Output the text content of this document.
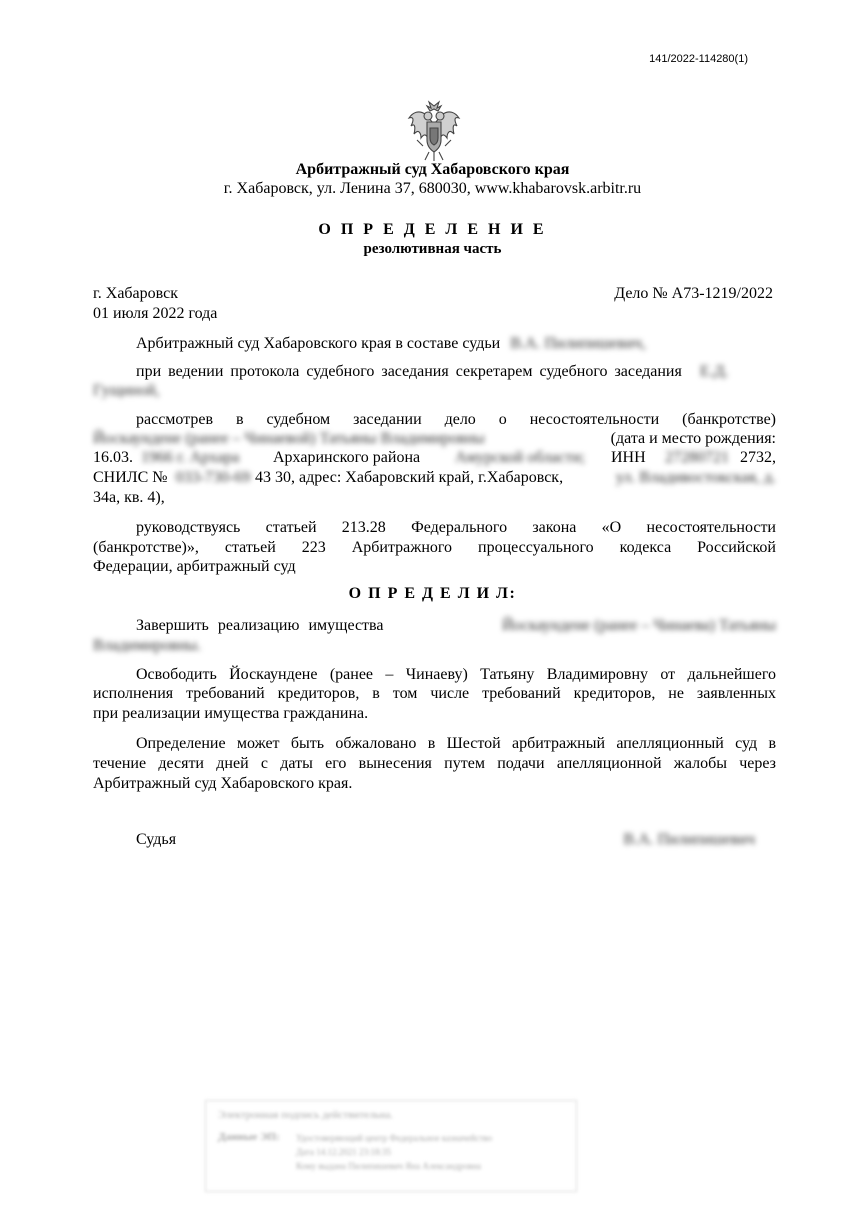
141/2022-114280(1)
Арбитражный суд Хабаровского края
г. Хабаровск, ул. Ленина 37, 680030, www.khabarovsk.arbitr.ru
О П Р Е Д Е Л Е Н И Е
резолютивная часть
г. Хабаровск	Дело № А73-1219/2022
01 июля 2022 года
Арбитражный суд Хабаровского края в составе судьи В.А. Пилипишевич,
при ведении протокола судебного заседания секретарем судебного заседания Е.Д.
Гущиной,
рассмотрев в судебном заседании дело о несостоятельности (банкротстве)
Йоскаундене (ранее – Чинаевой) Татьяны Владимировны	(дата и место рождения:
16.03. 1966 г. Архара Архаринского района Амурской области; ИНН 27280721 2732,
СНИЛС № 033-730-69 43 30, адрес: Хабаровский край, г.Хабаровск,	ул. Владивостокская, д.
34а, кв. 4),
руководствуясь статьей 213.28 Федерального закона «О несостоятельности
(банкротстве)», статьей 223 Арбитражного процессуального кодекса Российской
Федерации, арбитражный суд
О П Р Е Д Е Л И Л:
Завершить реализацию имущества	Йоскаундене (ранее – Чинаева) Татьяны
Владимировны.
Освободить Йоскаундене (ранее – Чинаеву) Татьяну Владимировну от дальнейшего
исполнения требований кредиторов, в том числе требований кредиторов, не заявленных
при реализации имущества гражданина.
Определение может быть обжаловано в Шестой арбитражный апелляционный суд в
течение десяти дней с даты его вынесения путем подачи апелляционной жалобы через
Арбитражный суд Хабаровского края.
Судья	В.А. Пилипишевич
Электронная подпись действительна.
Данные ЭП: Удостоверяющий центр Федеральное казначейство
Дата 14.12.2021 23:18:35
Кому выдана Пилипишевич Яна Александровна
